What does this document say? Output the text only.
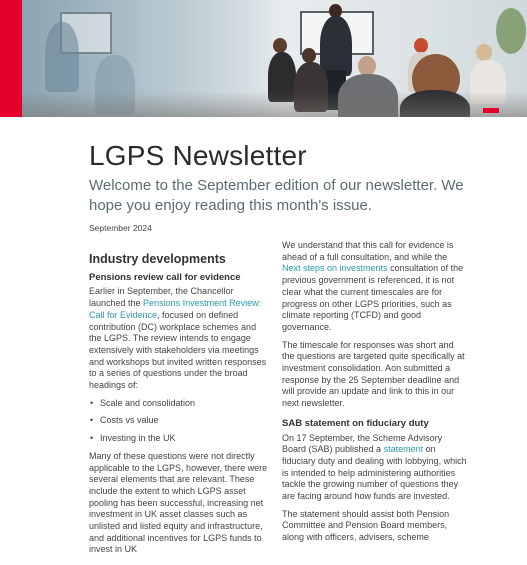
LGPS Newsletter

Welcome to the September edition of our newsletter. We hope you enjoy reading this month's issue.

September 2024
Industry developments
Pensions review call for evidence

Earlier in September, the Chancellor launched the Pensions Investment Review: Call for Evidence, focused on defined contribution (DC) workplace schemes and the LGPS. The review intends to engage extensively with stakeholders via meetings and workshops but invited written responses to a series of questions under the broad headings of:

• Scale and consolidation
• Costs vs value
• Investing in the UK

Many of these questions were not directly applicable to the LGPS, however, there were several elements that are relevant. These include the extent to which LGPS asset pooling has been successful, increasing net investment in UK asset classes such as unlisted and listed equity and infrastructure, and additional incentives for LGPS funds to invest in UK

We understand that this call for evidence is ahead of a full consultation, and while the Next steps on investments consultation of the previous government is referenced, it is not clear what the current timescales are for progress on other LGPS priorities, such as climate reporting (TCFD) and good governance.

The timescale for responses was short and the questions are targeted quite specifically at investment consolidation. Aon submitted a response by the 25 September deadline and will provide an update and link to this in our next newsletter.

SAB statement on fiduciary duty

On 17 September, the Scheme Advisory Board (SAB) published a statement on fiduciary duty and dealing with lobbying, which is intended to help administering authorities tackle the growing number of questions they are facing around how funds are invested.

The statement should assist both Pension Committee and Pension Board members, along with officers, advisers, scheme
